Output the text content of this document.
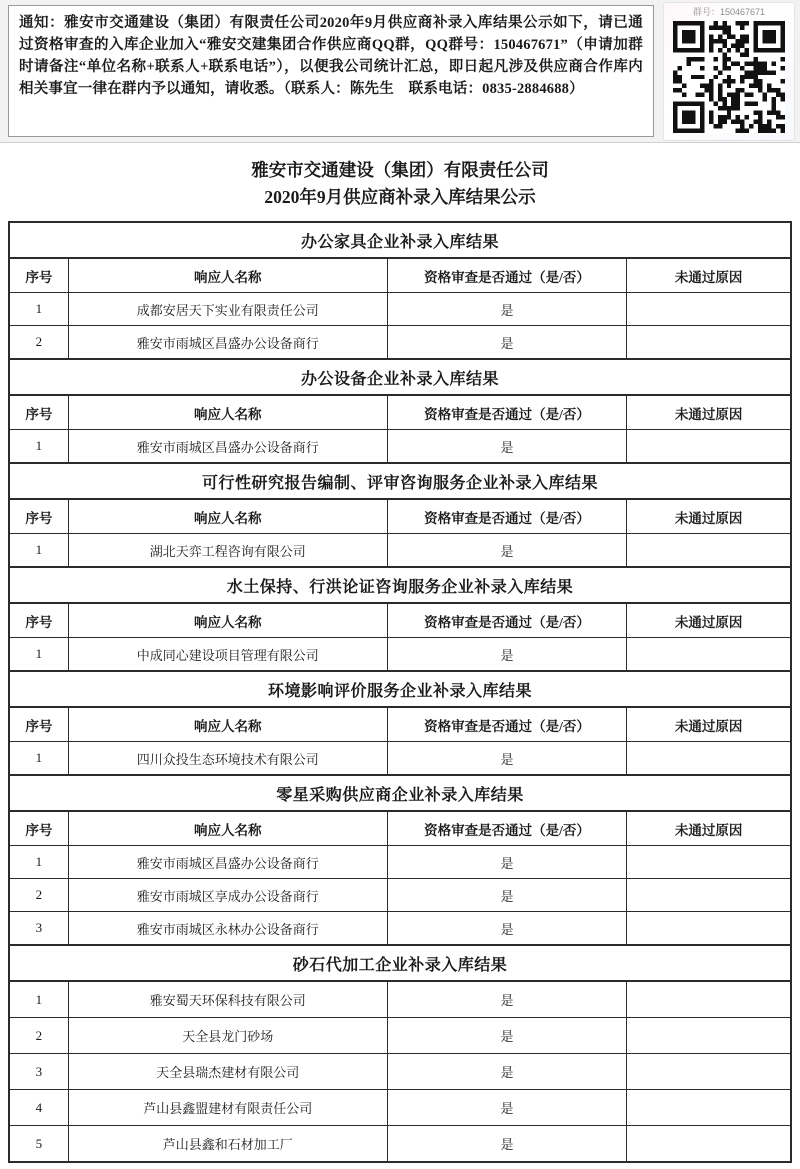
通知：雅安市交通建设（集团）有限责任公司2020年9月供应商补录入库结果公示如下，请已通过资格审查的入库企业加入“雅安交建集团合作供应商QQ群，QQ群号：150467671”（申请加群时请备注“单位名称+联系人+联系电话”），以便我公司统计汇总，即日起凡涉及供应商合作库内相关事宜一律在群内予以通知，请收悉。（联系人：陈先生　联系电话：0835-2884688）
群号：150467671
雅安市交通建设（集团）有限责任公司
2020年9月供应商补录入库结果公示
办公家具企业补录入库结果
序号	响应人名称	资格审查是否通过（是/否）	未通过原因
1	成都安居天下实业有限责任公司	是
2	雅安市雨城区昌盛办公设备商行	是
办公设备企业补录入库结果
序号	响应人名称	资格审查是否通过（是/否）	未通过原因
1	雅安市雨城区昌盛办公设备商行	是
可行性研究报告编制、评审咨询服务企业补录入库结果
序号	响应人名称	资格审查是否通过（是/否）	未通过原因
1	湖北天弈工程咨询有限公司	是
水土保持、行洪论证咨询服务企业补录入库结果
序号	响应人名称	资格审查是否通过（是/否）	未通过原因
1	中成同心建设项目管理有限公司	是
环境影响评价服务企业补录入库结果
序号	响应人名称	资格审查是否通过（是/否）	未通过原因
1	四川众投生态环境技术有限公司	是
零星采购供应商企业补录入库结果
序号	响应人名称	资格审查是否通过（是/否）	未通过原因
1	雅安市雨城区昌盛办公设备商行	是
2	雅安市雨城区享成办公设备商行	是
3	雅安市雨城区永林办公设备商行	是
砂石代加工企业补录入库结果
1	雅安蜀天环保科技有限公司	是
2	天全县龙门砂场	是
3	天全县瑞杰建材有限公司	是
4	芦山县鑫盟建材有限责任公司	是
5	芦山县鑫和石材加工厂	是
